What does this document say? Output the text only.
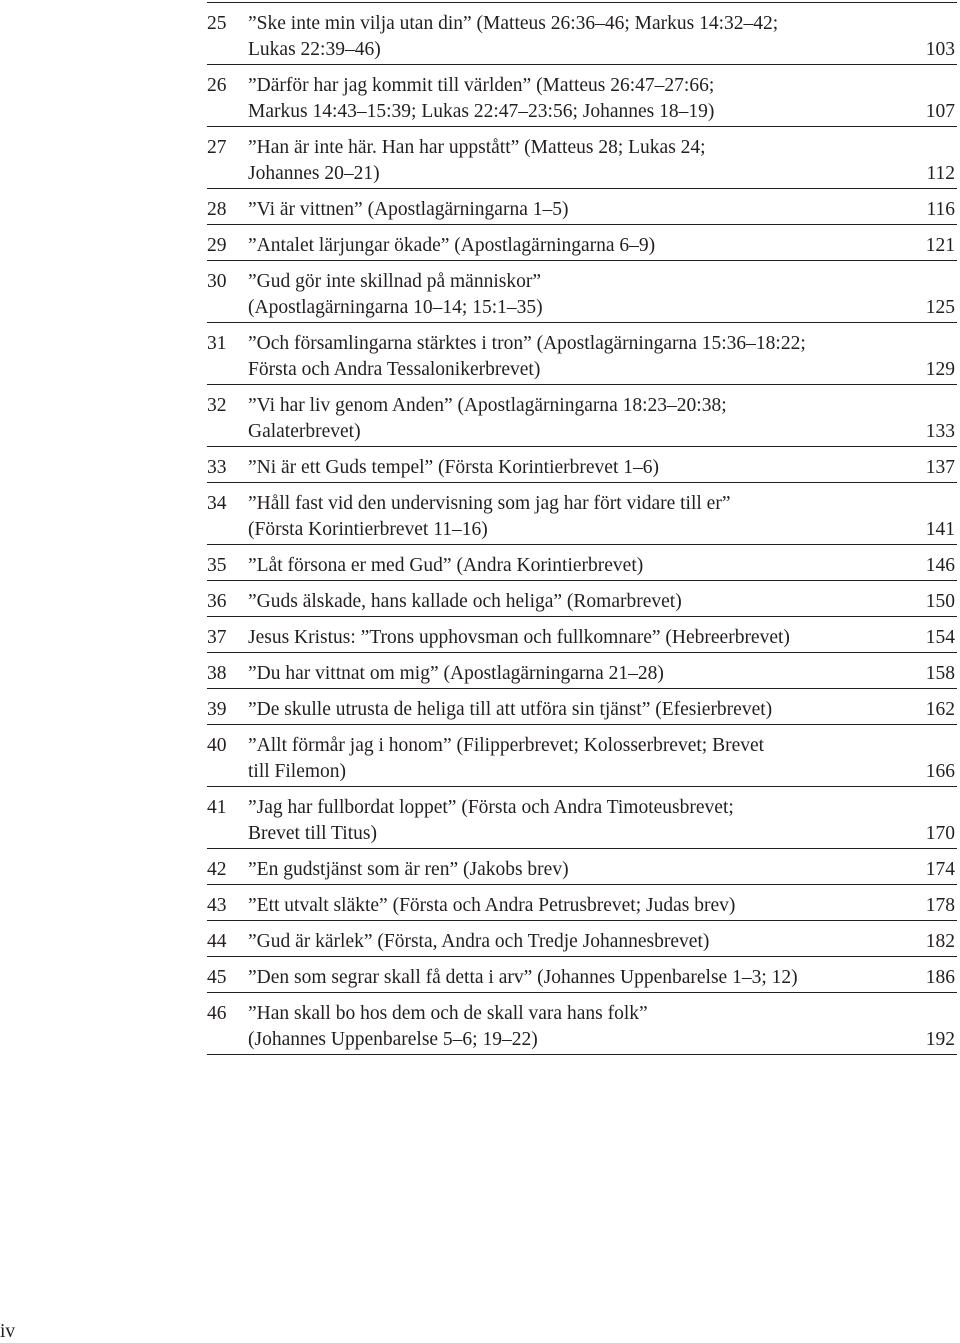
25 ”Ske inte min vilja utan din” (Matteus 26:36–46; Markus 14:32–42;
Lukas 22:39–46)	103
26 ”Därför har jag kommit till världen” (Matteus 26:47–27:66;
Markus 14:43–15:39; Lukas 22:47–23:56; Johannes 18–19)	107
27 ”Han är inte här. Han har uppstått” (Matteus 28; Lukas 24;
Johannes 20–21)	112
28 ”Vi är vittnen” (Apostlagärningarna 1–5)	116
29 ”Antalet lärjungar ökade” (Apostlagärningarna 6–9)	121
30 ”Gud gör inte skillnad på människor”
(Apostlagärningarna 10–14; 15:1–35)	125
31 ”Och församlingarna stärktes i tron” (Apostlagärningarna 15:36–18:22;
Första och Andra Tessalonikerbrevet)	129
32 ”Vi har liv genom Anden” (Apostlagärningarna 18:23–20:38;
Galaterbrevet)	133
33 ”Ni är ett Guds tempel” (Första Korintierbrevet 1–6)	137
34 ”Håll fast vid den undervisning som jag har fört vidare till er”
(Första Korintierbrevet 11–16)	141
35 ”Låt försona er med Gud” (Andra Korintierbrevet)	146
36 ”Guds älskade, hans kallade och heliga” (Romarbrevet)	150
37 Jesus Kristus: ”Trons upphovsman och fullkomnare” (Hebreerbrevet)	154
38 ”Du har vittnat om mig” (Apostlagärningarna 21–28)	158
39 ”De skulle utrusta de heliga till att utföra sin tjänst” (Efesierbrevet)	162
40 ”Allt förmår jag i honom” (Filipperbrevet; Kolosserbrevet; Brevet
till Filemon)	166
41 ”Jag har fullbordat loppet” (Första och Andra Timoteusbrevet;
Brevet till Titus)	170
42 ”En gudstjänst som är ren” (Jakobs brev)	174
43 ”Ett utvalt släkte” (Första och Andra Petrusbrevet; Judas brev)	178
44 ”Gud är kärlek” (Första, Andra och Tredje Johannesbrevet)	182
45 ”Den som segrar skall få detta i arv” (Johannes Uppenbarelse 1–3; 12)	186
46 ”Han skall bo hos dem och de skall vara hans folk”
(Johannes Uppenbarelse 5–6; 19–22)	192
iv
